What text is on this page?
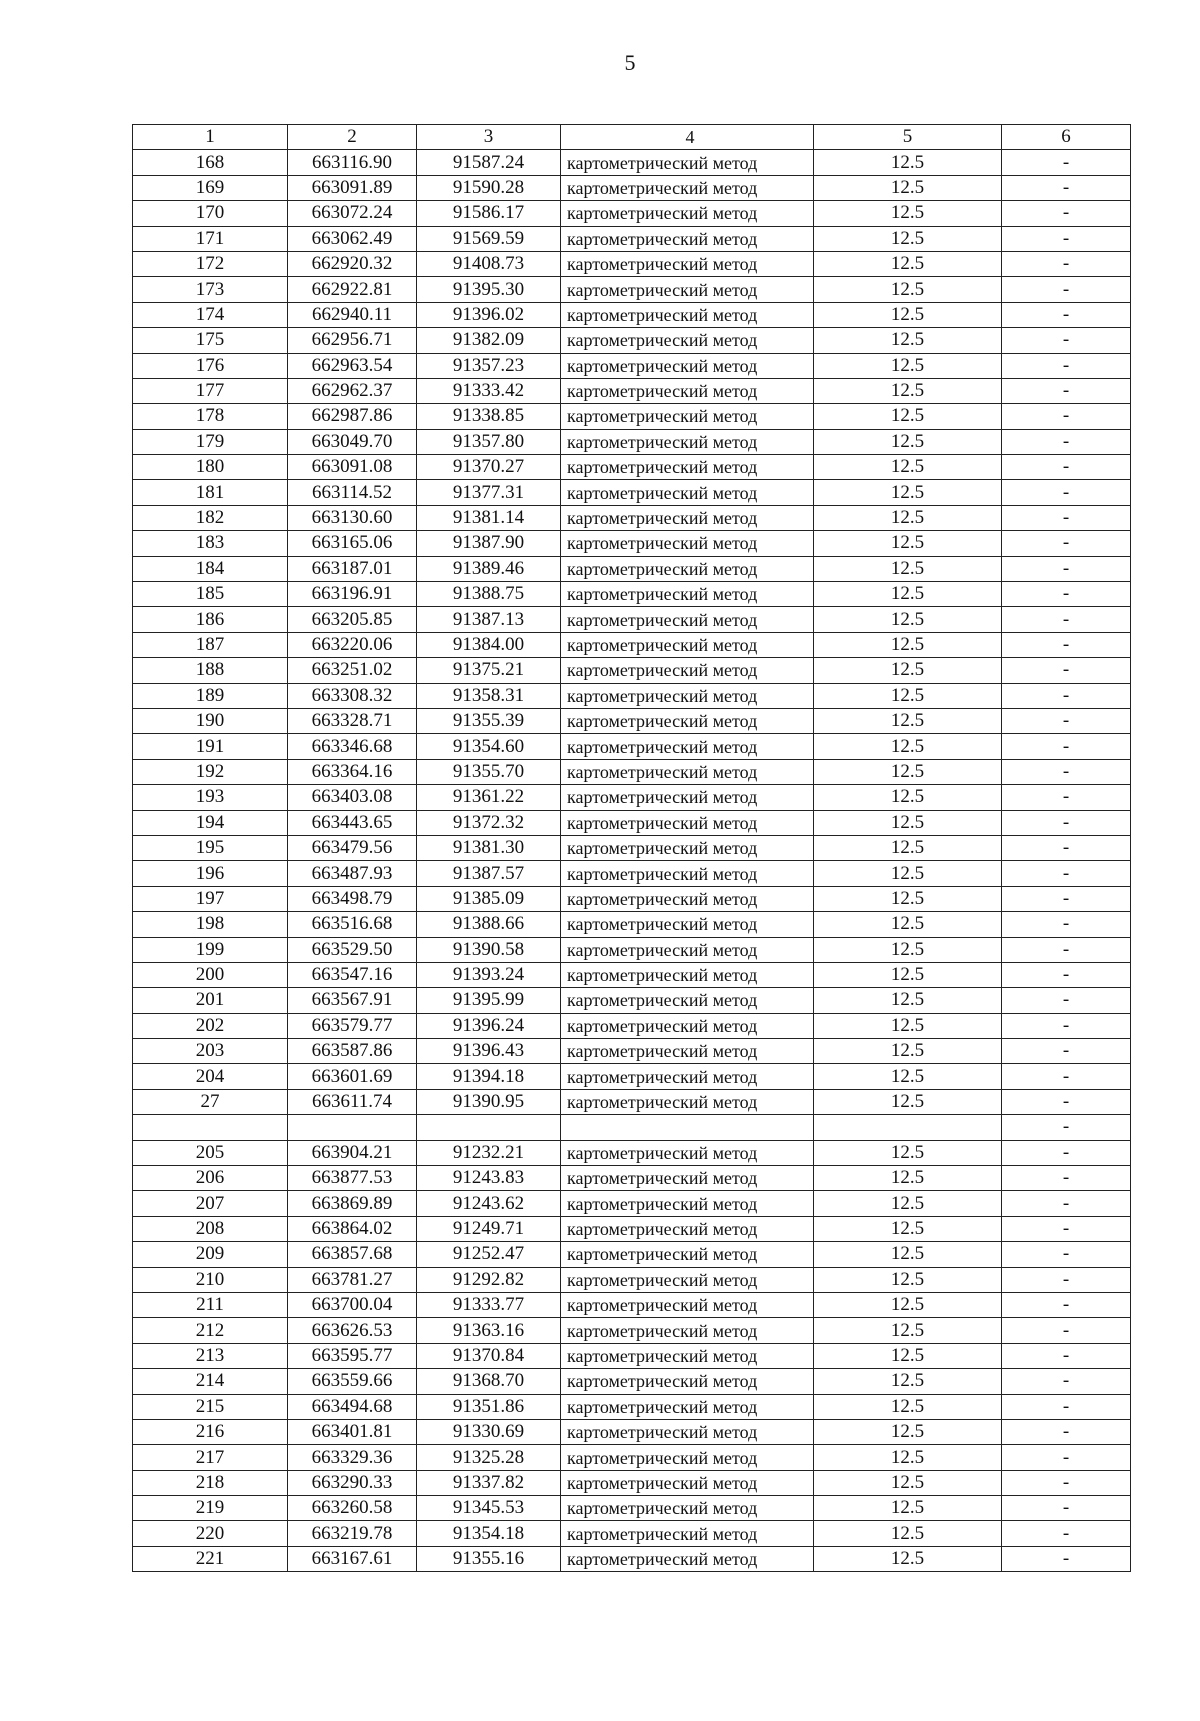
5
1	2	3	4	5	6
168	663116.90	91587.24	картометрический метод	12.5	-
169	663091.89	91590.28	картометрический метод	12.5	-
170	663072.24	91586.17	картометрический метод	12.5	-
171	663062.49	91569.59	картометрический метод	12.5	-
172	662920.32	91408.73	картометрический метод	12.5	-
173	662922.81	91395.30	картометрический метод	12.5	-
174	662940.11	91396.02	картометрический метод	12.5	-
175	662956.71	91382.09	картометрический метод	12.5	-
176	662963.54	91357.23	картометрический метод	12.5	-
177	662962.37	91333.42	картометрический метод	12.5	-
178	662987.86	91338.85	картометрический метод	12.5	-
179	663049.70	91357.80	картометрический метод	12.5	-
180	663091.08	91370.27	картометрический метод	12.5	-
181	663114.52	91377.31	картометрический метод	12.5	-
182	663130.60	91381.14	картометрический метод	12.5	-
183	663165.06	91387.90	картометрический метод	12.5	-
184	663187.01	91389.46	картометрический метод	12.5	-
185	663196.91	91388.75	картометрический метод	12.5	-
186	663205.85	91387.13	картометрический метод	12.5	-
187	663220.06	91384.00	картометрический метод	12.5	-
188	663251.02	91375.21	картометрический метод	12.5	-
189	663308.32	91358.31	картометрический метод	12.5	-
190	663328.71	91355.39	картометрический метод	12.5	-
191	663346.68	91354.60	картометрический метод	12.5	-
192	663364.16	91355.70	картометрический метод	12.5	-
193	663403.08	91361.22	картометрический метод	12.5	-
194	663443.65	91372.32	картометрический метод	12.5	-
195	663479.56	91381.30	картометрический метод	12.5	-
196	663487.93	91387.57	картометрический метод	12.5	-
197	663498.79	91385.09	картометрический метод	12.5	-
198	663516.68	91388.66	картометрический метод	12.5	-
199	663529.50	91390.58	картометрический метод	12.5	-
200	663547.16	91393.24	картометрический метод	12.5	-
201	663567.91	91395.99	картометрический метод	12.5	-
202	663579.77	91396.24	картометрический метод	12.5	-
203	663587.86	91396.43	картометрический метод	12.5	-
204	663601.69	91394.18	картометрический метод	12.5	-
27	663611.74	91390.95	картометрический метод	12.5	-
					-
205	663904.21	91232.21	картометрический метод	12.5	-
206	663877.53	91243.83	картометрический метод	12.5	-
207	663869.89	91243.62	картометрический метод	12.5	-
208	663864.02	91249.71	картометрический метод	12.5	-
209	663857.68	91252.47	картометрический метод	12.5	-
210	663781.27	91292.82	картометрический метод	12.5	-
211	663700.04	91333.77	картометрический метод	12.5	-
212	663626.53	91363.16	картометрический метод	12.5	-
213	663595.77	91370.84	картометрический метод	12.5	-
214	663559.66	91368.70	картометрический метод	12.5	-
215	663494.68	91351.86	картометрический метод	12.5	-
216	663401.81	91330.69	картометрический метод	12.5	-
217	663329.36	91325.28	картометрический метод	12.5	-
218	663290.33	91337.82	картометрический метод	12.5	-
219	663260.58	91345.53	картометрический метод	12.5	-
220	663219.78	91354.18	картометрический метод	12.5	-
221	663167.61	91355.16	картометрический метод	12.5	-
